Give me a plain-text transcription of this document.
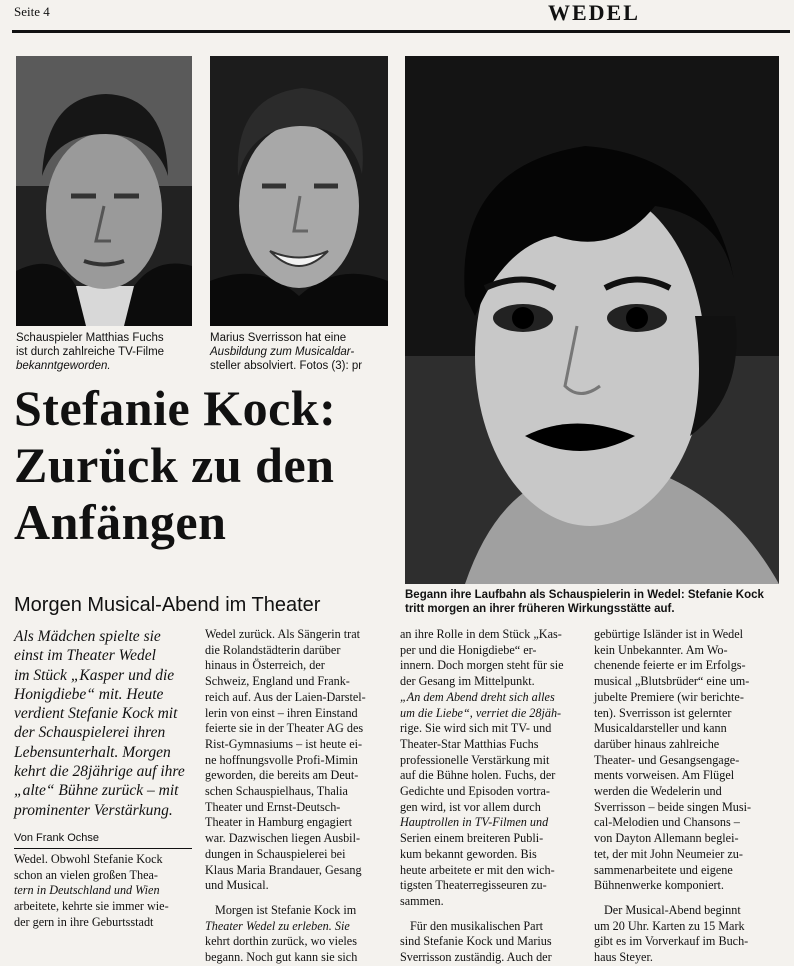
Seite 4	WEDEL
Schauspieler Matthias Fuchs
ist durch zahlreiche TV-Filme
bekanntgeworden.
Marius Sverrisson hat eine
Ausbildung zum Musicaldar-
steller absolviert. Fotos (3): pr
Begann ihre Laufbahn als Schauspielerin in Wedel: Stefanie Kock
tritt morgen an ihrer früheren Wirkungsstätte auf.
Stefanie Kock:
Zurück zu den
Anfängen
Morgen Musical-Abend im Theater

Als Mädchen spielte sie

einst im Theater Wedel

im Stück „Kasper und die

Honigdiebe“ mit. Heute

verdient Stefanie Kock mit

der Schauspielerei ihren

Lebensunterhalt. Morgen

kehrt die 28jährige auf ihre

„alte“ Bühne zurück – mit

prominenter Verstärkung.

Von Frank Ochse

Wedel. Obwohl Stefanie Kock

schon an vielen großen Thea-

tern in Deutschland und Wien

arbeitete, kehrte sie immer wie-

der gern in ihre Geburtsstadt

Wedel zurück. Als Sängerin trat

die Rolandstädterin darüber

hinaus in Österreich, der

Schweiz, England und Frank-

reich auf. Aus der Laien-Darstel-

lerin von einst – ihren Einstand

feierte sie in der Theater AG des

Rist-Gymnasiums – ist heute ei-

ne hoffnungsvolle Profi-Mimin

geworden, die bereits am Deut-

schen Schauspielhaus, Thalia

Theater und Ernst-Deutsch-

Theater in Hamburg engagiert

war. Dazwischen liegen Ausbil-

dungen in Schauspielerei bei

Klaus Maria Brandauer, Gesang

und Musical.

Morgen ist Stefanie Kock im

Theater Wedel zu erleben. Sie

kehrt dorthin zurück, wo vieles

begann. Noch gut kann sie sich

an ihre Rolle in dem Stück „Kas-

per und die Honigdiebe“ er-

innern. Doch morgen steht für sie

der Gesang im Mittelpunkt.

„An dem Abend dreht sich alles

um die Liebe“, verriet die 28jäh-

rige. Sie wird sich mit TV- und

Theater-Star Matthias Fuchs

professionelle Verstärkung mit

auf die Bühne holen. Fuchs, der

Gedichte und Episoden vortra-

gen wird, ist vor allem durch

Hauptrollen in TV-Filmen und

Serien einem breiteren Publi-

kum bekannt geworden. Bis

heute arbeitete er mit den wich-

tigsten Theaterregisseuren zu-

sammen.

Für den musikalischen Part

sind Stefanie Kock und Marius

Sverrisson zuständig. Auch der

gebürtige Isländer ist in Wedel

kein Unbekannter. Am Wo-

chenende feierte er im Erfolgs-

musical „Blutsbrüder“ eine um-

jubelte Premiere (wir berichte-

ten). Sverrisson ist gelernter

Musicaldarsteller und kann

darüber hinaus zahlreiche

Theater- und Gesangsengage-

ments vorweisen. Am Flügel

werden die Wedelerin und

Sverrisson – beide singen Musi-

cal-Melodien und Chansons –

von Dayton Allemann beglei-

tet, der mit John Neumeier zu-

sammenarbeitete und eigene

Bühnenwerke komponiert.

Der Musical-Abend beginnt

um 20 Uhr. Karten zu 15 Mark

gibt es im Vorverkauf im Buch-

haus Steyer.
